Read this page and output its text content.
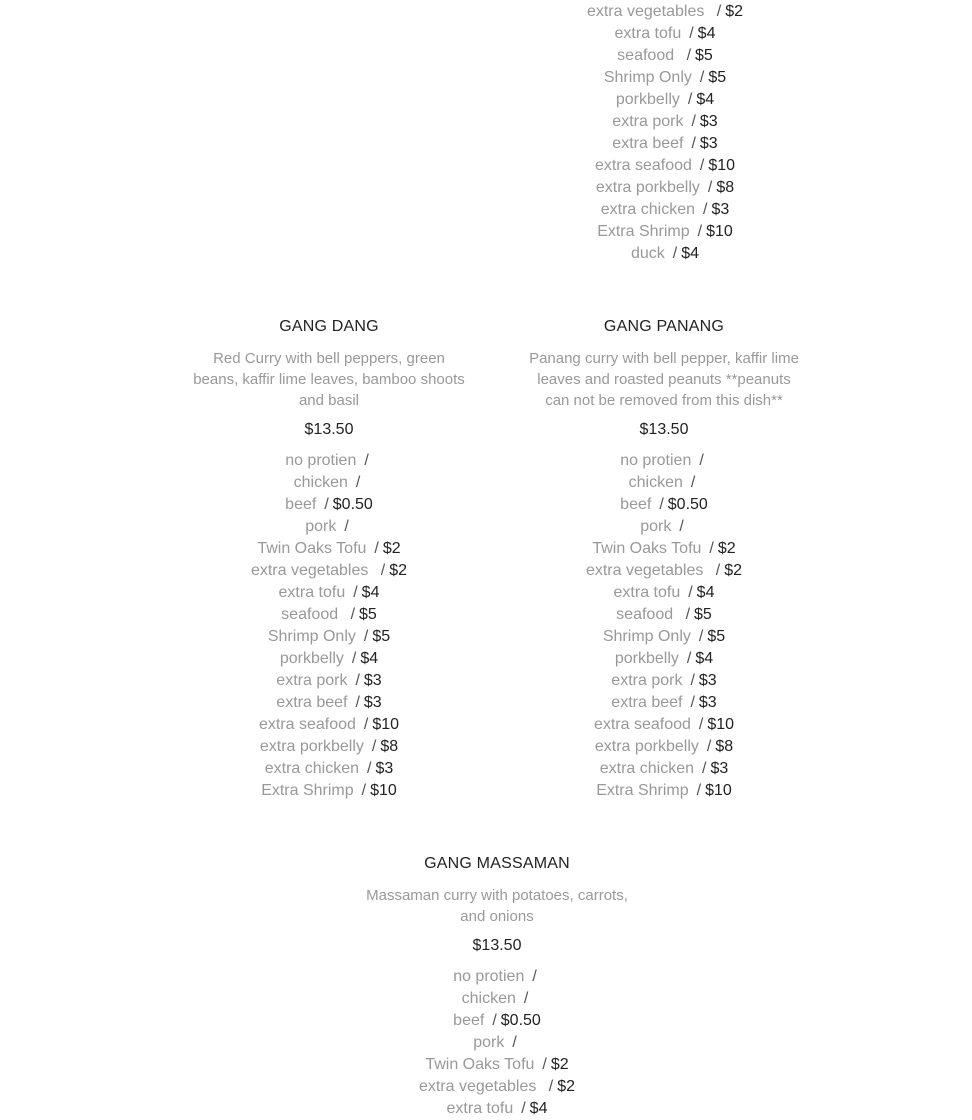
extra vegetables / $2
extra tofu / $4
seafood / $5
Shrimp Only / $5
porkbelly / $4
extra pork / $3
extra beef / $3
extra seafood / $10
extra porkbelly / $8
extra chicken / $3
Extra Shrimp / $10
duck / $4
GANG DANG
Red Curry with bell peppers, green beans, kaffir lime leaves, bamboo shoots and basil
$13.50
no protien /
chicken /
beef / $0.50
pork /
Twin Oaks Tofu / $2
extra vegetables / $2
extra tofu / $4
seafood / $5
Shrimp Only / $5
porkbelly / $4
extra pork / $3
extra beef / $3
extra seafood / $10
extra porkbelly / $8
extra chicken / $3
Extra Shrimp / $10
GANG PANANG
Panang curry with bell pepper, kaffir lime leaves and roasted peanuts **peanuts can not be removed from this dish**
$13.50
no protien /
chicken /
beef / $0.50
pork /
Twin Oaks Tofu / $2
extra vegetables / $2
extra tofu / $4
seafood / $5
Shrimp Only / $5
porkbelly / $4
extra pork / $3
extra beef / $3
extra seafood / $10
extra porkbelly / $8
extra chicken / $3
Extra Shrimp / $10
GANG MASSAMAN
Massaman curry with potatoes, carrots, and onions
$13.50
no protien /
chicken /
beef / $0.50
pork /
Twin Oaks Tofu / $2
extra vegetables / $2
extra tofu / $4
